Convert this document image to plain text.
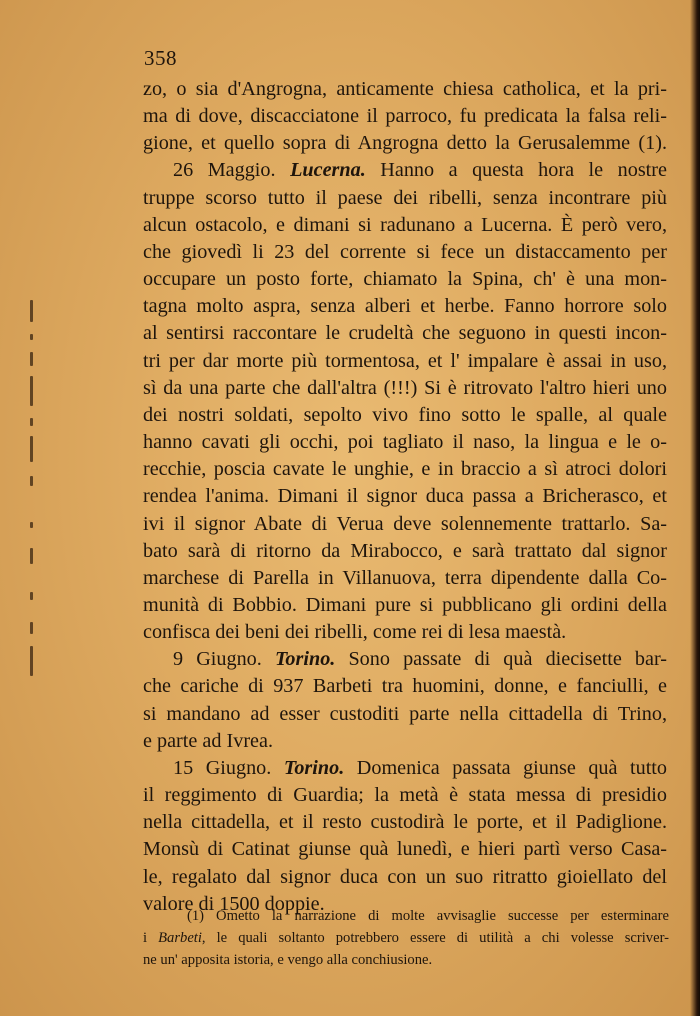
358
zo, o sia d'Angrogna, anticamente chiesa catholica, et la pri-
ma di dove, discacciatone il parroco, fu predicata la falsa reli-
gione, et quello sopra di Angrogna detto la Gerusalemme (1).
26 Maggio. Lucerna. Hanno a questa hora le nostre
truppe scorso tutto il paese dei ribelli, senza incontrare più
alcun ostacolo, e dimani si radunano a Lucerna. È però vero,
che giovedì li 23 del corrente si fece un distaccamento per
occupare un posto forte, chiamato la Spina, ch' è una mon-
tagna molto aspra, senza alberi et herbe. Fanno horrore solo
al sentirsi raccontare le crudeltà che seguono in questi incon-
tri per dar morte più tormentosa, et l' impalare è assai in uso,
sì da una parte che dall'altra (!!!) Si è ritrovato l'altro hieri uno
dei nostri soldati, sepolto vivo fino sotto le spalle, al quale
hanno cavati gli occhi, poi tagliato il naso, la lingua e le o-
recchie, poscia cavate le unghie, e in braccio a sì atroci dolori
rendea l'anima. Dimani il signor duca passa a Bricherasco, et
ivi il signor Abate di Verua deve solennemente trattarlo. Sa-
bato sarà di ritorno da Mirabocco, e sarà trattato dal signor
marchese di Parella in Villanuova, terra dipendente dalla Co-
munità di Bobbio. Dimani pure si pubblicano gli ordini della
confisca dei beni dei ribelli, come rei di lesa maestà.
9 Giugno. Torino. Sono passate di quà diecisette bar-
che cariche di 937 Barbeti tra huomini, donne, e fanciulli, e
si mandano ad esser custoditi parte nella cittadella di Trino,
e parte ad Ivrea.
15 Giugno. Torino. Domenica passata giunse quà tutto
il reggimento di Guardia; la metà è stata messa di presidio
nella cittadella, et il resto custodirà le porte, et il Padiglione.
Monsù di Catinat giunse quà lunedì, e hieri partì verso Casa-
le, regalato dal signor duca con un suo ritratto gioiellato del
valore di 1500 doppie.
(1) Ometto la narrazione di molte avvisaglie successe per esterminare
i Barbeti, le quali soltanto potrebbero essere di utilità a chi volesse scriver-
ne un' apposita istoria, e vengo alla conchiusione.
